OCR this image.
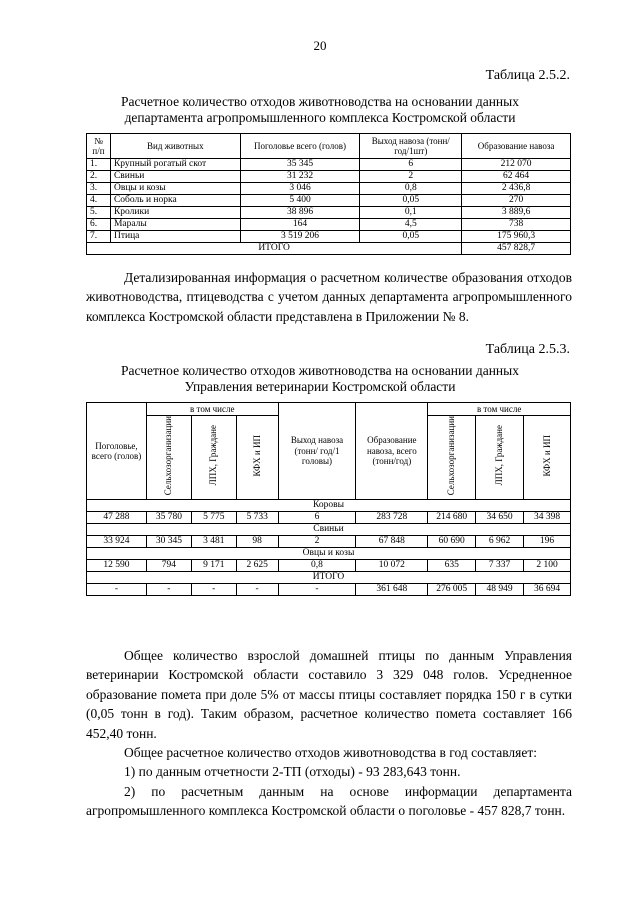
20
Таблица 2.5.2.
Расчетное количество отходов животноводства на основании данных
департамента агропромышленного комплекса Костромской области
№ п/п	Вид животных	Поголовье всего (голов)	Выход навоза (тонн/год/1шт)	Образование навоза
1.	Крупный рогатый скот	35 345	6	212 070
2.	Свиньи	31 232	2	62 464
3.	Овцы и козы	3 046	0,8	2 436,8
4.	Соболь и норка	5 400	0,05	270
5.	Кролики	38 896	0,1	3 889,6
6.	Маралы	164	4,5	738
7.	Птица	3 519 206	0,05	175 960,3
ИТОГО				457 828,7

Детализированная информация о расчетном количестве образования отходов животноводства, птицеводства с учетом данных департамента агропромышленного комплекса Костромской области представлена в Приложении № 8.

Таблица 2.5.3.
Расчетное количество отходов животноводства на основании данных
Управления ветеринарии Костромской области
Поголовье, всего (голов)	в том числе			Выход навоза (тонн/ год/1 головы)	Образование навоза, всего (тонн/год)	в том числе		
	Сельхозорганизации	ЛПХ, Граждане	КФХ и ИП			Сельхозорганизации	ЛПХ, Граждане	КФХ и ИП
Коровы								
47 288	35 780	5 775	5 733	6	283 728	214 680	34 650	34 398
Свиньи								
33 924	30 345	3 481	98	2	67 848	60 690	6 962	196
Овцы и козы								
12 590	794	9 171	2 625	0,8	10 072	635	7 337	2 100
ИТОГО								
-	-	-	-	-	361 648	276 005	48 949	36 694

Общее количество взрослой домашней птицы по данным Управления ветеринарии Костромской области составило 3 329 048 голов. Усредненное образование помета при доле 5% от массы птицы составляет порядка 150 г в сутки (0,05 тонн в год). Таким образом, расчетное количество помета составляет 166 452,40 тонн.

Общее расчетное количество отходов животноводства в год составляет:

1) по данным отчетности 2-ТП (отходы) - 93 283,643 тонн.

2) по расчетным данным на основе информации департамента агропромышленного комплекса Костромской области о поголовье - 457 828,7 тонн.
